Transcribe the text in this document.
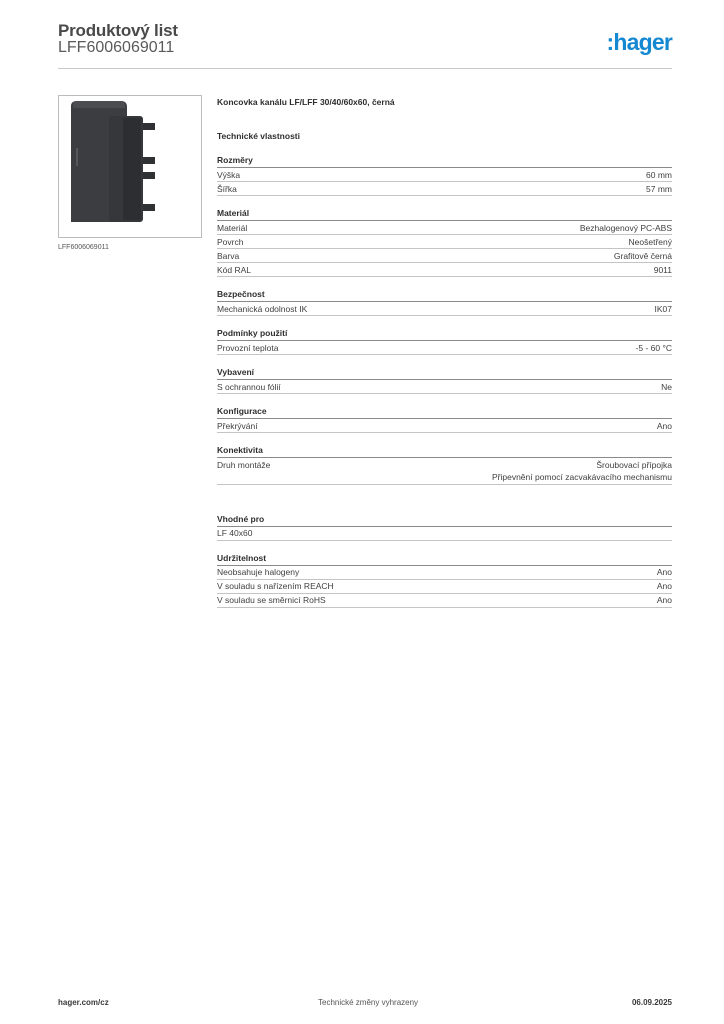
Produktový list
LFF6006069011	:hager
LFF6006069011
Koncovka kanálu LF/LFF 30/40/60x60, černá
Technické vlastnosti
Rozměry
Výška	60 mm
Šířka	57 mm
Materiál
Materiál	Bezhalogenový PC-ABS
Povrch	Neošetřený
Barva	Grafitově černá
Kód RAL	9011
Bezpečnost
Mechanická odolnost IK	IK07
Podmínky použití
Provozní teplota	-5 - 60 °C
Vybavení
S ochrannou fólií	Ne
Konfigurace
Překrývání	Ano
Konektivita
Druh montáže	Šroubovací přípojka
Připevnění pomocí zacvakávacího mechanismu
Vhodné pro
LF 40x60
Udržitelnost
Neobsahuje halogeny	Ano
V souladu s nařízením REACH	Ano
V souladu se směrnicí RoHS	Ano
hager.com/cz	Technické změny vyhrazeny	06.09.2025
